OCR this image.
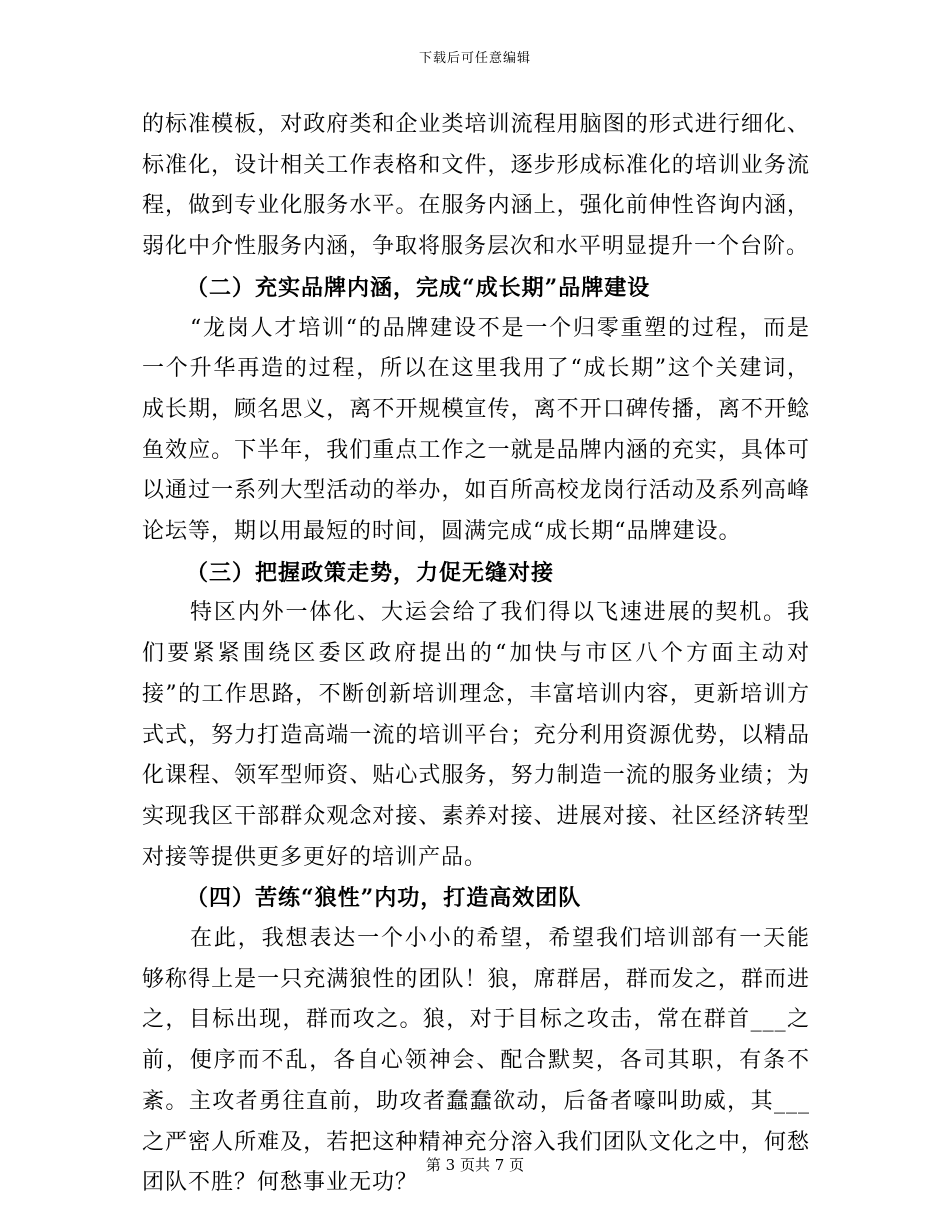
下载后可任意编辑

的标准模板，对政府类和企业类培训流程用脑图的形式进行细化、标准化，设计相关工作表格和文件，逐步形成标准化的培训业务流程，做到专业化服务水平。在服务内涵上，强化前伸性咨询内涵，弱化中介性服务内涵，争取将服务层次和水平明显提升一个台阶。

（二）充实品牌内涵，完成“成长期”品牌建设

“龙岗人才培训“的品牌建设不是一个归零重塑的过程，而是一个升华再造的过程，所以在这里我用了“成长期”这个关建词，成长期，顾名思义，离不开规模宣传，离不开口碑传播，离不开鲶鱼效应。下半年，我们重点工作之一就是品牌内涵的充实，具体可以通过一系列大型活动的举办，如百所高校龙岗行活动及系列高峰论坛等，期以用最短的时间，圆满完成“成长期“品牌建设。

（三）把握政策走势，力促无缝对接

特区内外一体化、大运会给了我们得以飞速进展的契机。我们要紧紧围绕区委区政府提出的“加快与市区八个方面主动对接”的工作思路，不断创新培训理念，丰富培训内容，更新培训方式式，努力打造高端一流的培训平台；充分利用资源优势，以精品化课程、领军型师资、贴心式服务，努力制造一流的服务业绩；为实现我区干部群众观念对接、素养对接、进展对接、社区经济转型对接等提供更多更好的培训产品。

（四）苦练“狼性”内功，打造高效团队

在此，我想表达一个小小的希望，希望我们培训部有一天能够称得上是一只充满狼性的团队！狼，席群居，群而发之，群而进之，目标出现，群而攻之。狼，对于目标之攻击，常在群首___之前，便序而不乱，各自心领神会、配合默契，各司其职，有条不紊。主攻者勇往直前，助攻者蠢蠢欲动，后备者嚎叫助威，其___之严密人所难及，若把这种精神充分溶入我们团队文化之中，何愁团队不胜？何愁事业无功？

第 3 页共 7 页
